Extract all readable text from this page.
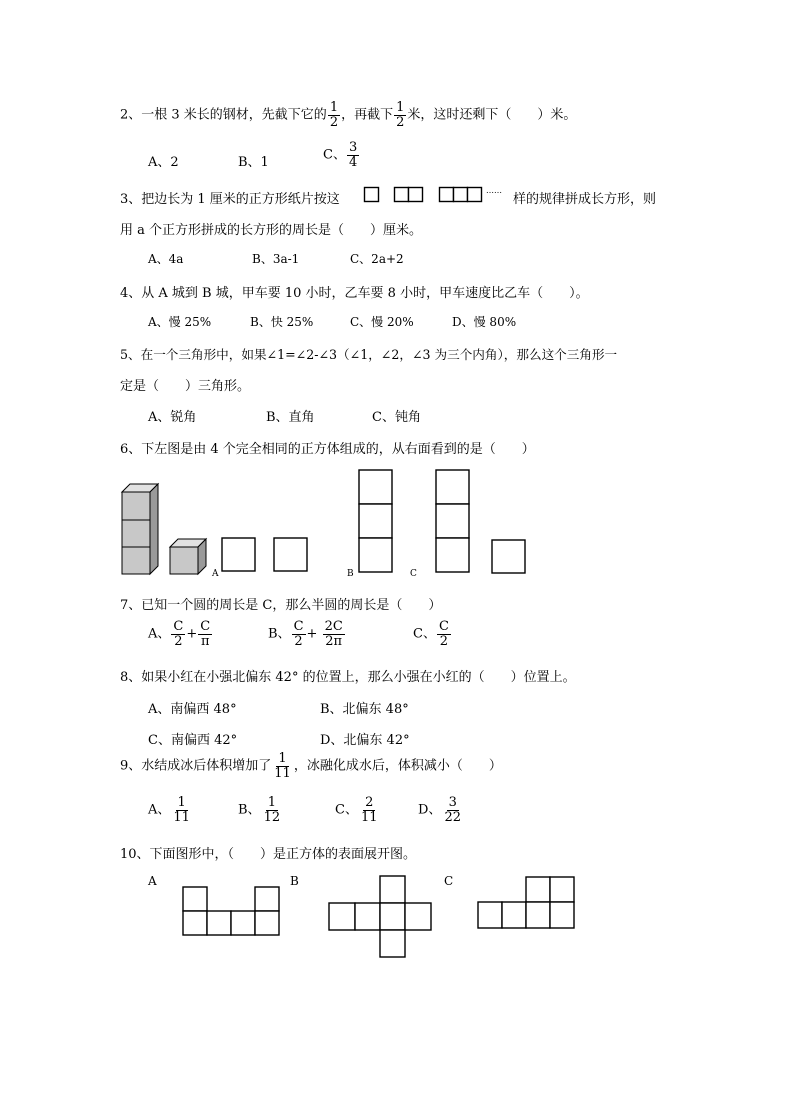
2、一根 3 米长的钢材，先截下它的 $\frac{1}{2}$ ，再截下 $\frac{1}{2}$ 米，这时还剩下（　　）米。
A、2	B、1	C、 $\frac{3}{4}$
3、把边长为 1 厘米的正方形纸片按这
……
样的规律拼成长方形，则
用 a 个正方形拼成的长方形的周长是（　　）厘米。
A、4a	B、3a-1	C、2a+2
4、从 A 城到 B 城，甲车要 10 小时，乙车要 8 小时，甲车速度比乙车（　　）。
A、慢 25%	B、快 25%	C、慢 20%	D、慢 80%
5、在一个三角形中，如果∠1=∠2-∠3（∠1，∠2，∠3 为三个内角），那么这个三角形一
定是（　　）三角形。
A、锐角	B、直角	C、钝角
6、下左图是由 4 个完全相同的正方体组成的，从右面看到的是（　　）
A	B	C
7、已知一个圆的周长是 C，那么半圆的周长是（　　）
A、 $\frac{C}{2} + \frac{C}{\pi}$	B、 $\frac{C}{2} + \frac{2C}{2\pi}$	C、 $\frac{C}{2}$
8、如果小红在小强北偏东 42° 的位置上，那么小强在小红的（　　）位置上。
A、南偏西 48°	B、北偏东 48°
C、南偏西 42°	D、北偏东 42°
9、水结成冰后体积增加了 $\frac{1}{11}$ ，冰融化成水后，体积减小（　　）
A、 $\frac{1}{11}$	B、 $\frac{1}{12}$	C、 $\frac{2}{11}$	D、 $\frac{3}{22}$
10、下面图形中，（　　）是正方体的表面展开图。
A	B	C
